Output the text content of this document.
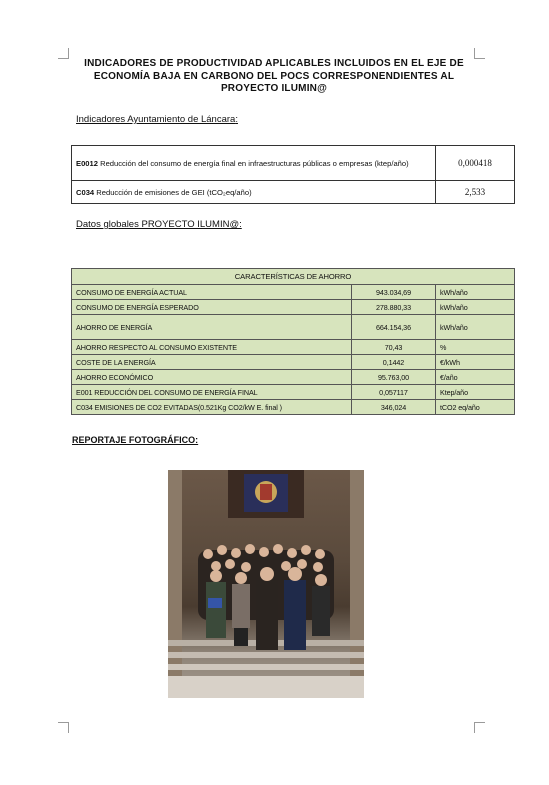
INDICADORES DE PRODUCTIVIDAD APLICABLES INCLUIDOS EN EL EJE DE ECONOMÍA BAJA EN CARBONO DEL POCS CORRESPONENDIENTES AL PROYECTO ILUMIN@
Indicadores Ayuntamiento de Láncara:
E0012 Reducción del consumo de energía final en infraestructuras públicas o empresas (ktep/año)	0,000418
C034 Reducción de emisiones de GEI (tCO₂eq/año)	2,533
Datos globales PROYECTO ILUMIN@:
CARACTERÍSTICAS DE AHORRO		
CONSUMO DE ENERGÍA ACTUAL	943.034,69	kWh/año
CONSUMO DE ENERGÍA ESPERADO	278.880,33	kWh/año
AHORRO DE ENERGÍA	664.154,36	kWh/año
AHORRO RESPECTO AL CONSUMO EXISTENTE	70,43	%
COSTE DE LA ENERGÍA	0,1442	€/kWh
AHORRO ECONÓMICO	95.763,00	€/año
E001 REDUCCIÓN DEL CONSUMO DE ENERGÍA FINAL	0,057117	Ktep/año
C034 EMISIONES DE CO2 EVITADAS(0.521Kg CO2/kW E. final )	346,024	tCO2 eq/año
REPORTAJE FOTOGRÁFICO:
